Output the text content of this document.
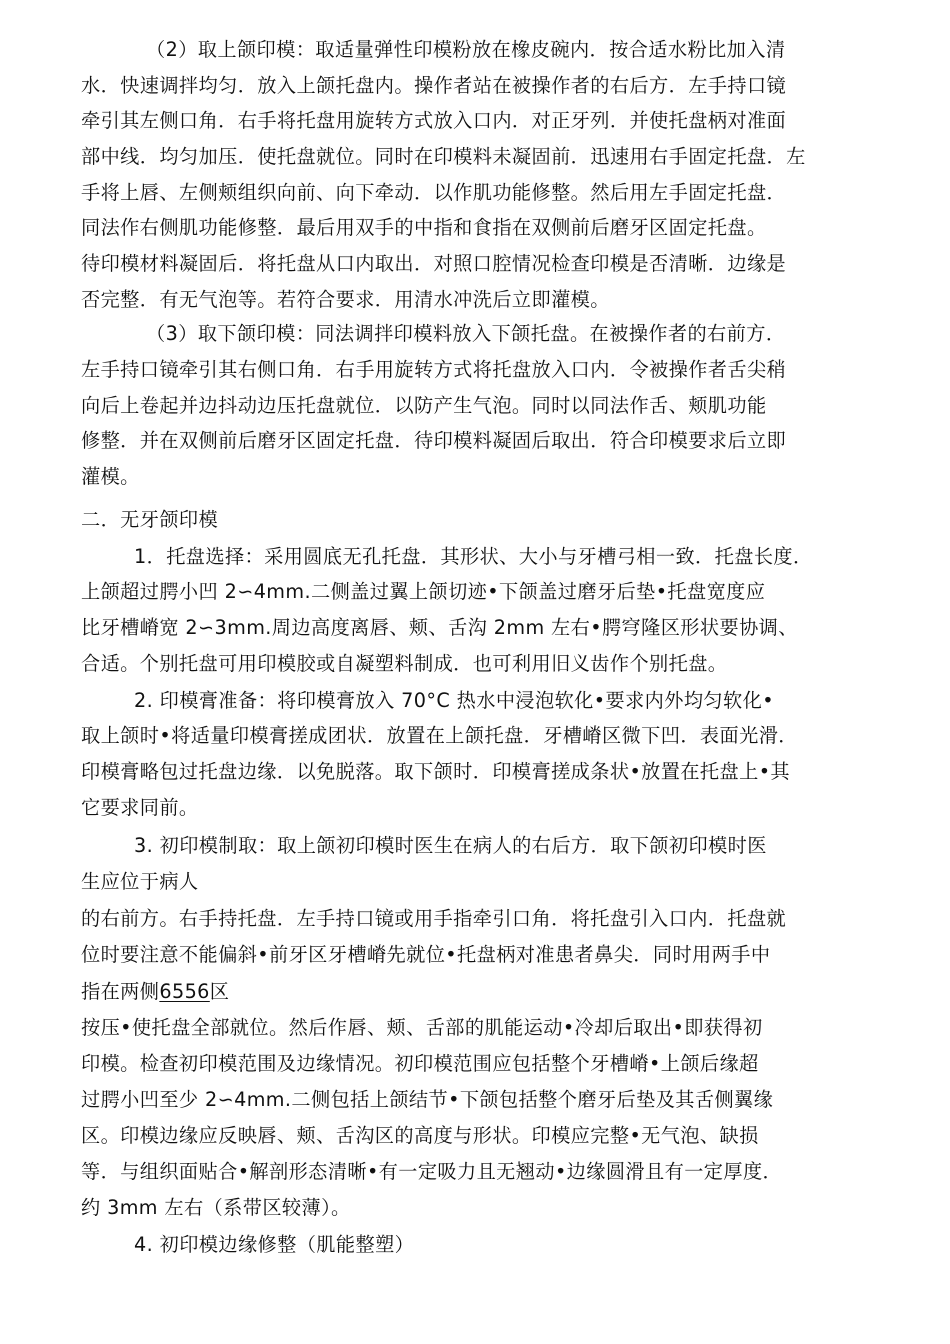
（2）取上颌印模：取适量弹性印模粉放在橡皮碗内．按合适水粉比加入清
水．快速调拌均匀．放入上颌托盘内。操作者站在被操作者的右后方．左手持口镜
牵引其左侧口角．右手将托盘用旋转方式放入口内．对正牙列．并使托盘柄对准面
部中线．均匀加压．使托盘就位。同时在印模料未凝固前．迅速用右手固定托盘．左
手将上唇、左侧颊组织向前、向下牵动．以作肌功能修整。然后用左手固定托盘．
同法作右侧肌功能修整．最后用双手的中指和食指在双侧前后磨牙区固定托盘。
待印模材料凝固后．将托盘从口内取出．对照口腔情况检查印模是否清晰．边缘是
否完整．有无气泡等。若符合要求．用清水冲洗后立即灌模。
（3）取下颌印模：同法调拌印模料放入下颌托盘。在被操作者的右前方．
左手持口镜牵引其右侧口角．右手用旋转方式将托盘放入口内．令被操作者舌尖稍
向后上卷起并边抖动边压托盘就位．以防产生气泡。同时以同法作舌、颊肌功能
修整．并在双侧前后磨牙区固定托盘．待印模料凝固后取出．符合印模要求后立即
灌模。
二．无牙颌印模
1．托盘选择：采用圆底无孔托盘．其形状、大小与牙槽弓相一致．托盘长度．
上颌超过腭小凹 2∽4mm.二侧盖过翼上颌切迹•下颌盖过磨牙后垫•托盘宽度应
比牙槽嵴宽 2∽3mm.周边高度离唇、颊、舌沟 2mm 左右•腭穹隆区形状要协调、
合适。个别托盘可用印模胶或自凝塑料制成．也可利用旧义齿作个别托盘。
2. 印模膏准备：将印模膏放入 70°C 热水中浸泡软化•要求内外均匀软化•
取上颌时•将适量印模膏搓成团状．放置在上颌托盘．牙槽嵴区微下凹．表面光滑．
印模膏略包过托盘边缘．以免脱落。取下颌时．印模膏搓成条状•放置在托盘上•其
它要求同前。
3. 初印模制取：取上颌初印模时医生在病人的右后方．取下颌初印模时医
生应位于病人
的右前方。右手持托盘．左手持口镜或用手指牵引口角．将托盘引入口内．托盘就
位时要注意不能偏斜•前牙区牙槽嵴先就位•托盘柄对准患者鼻尖．同时用两手中
指在两侧6556区
按压•使托盘全部就位。然后作唇、颊、舌部的肌能运动•冷却后取出•即获得初
印模。检查初印模范围及边缘情况。初印模范围应包括整个牙槽嵴•上颌后缘超
过腭小凹至少 2∽4mm.二侧包括上颌结节•下颌包括整个磨牙后垫及其舌侧翼缘
区。印模边缘应反映唇、颊、舌沟区的高度与形状。印模应完整•无气泡、缺损
等．与组织面贴合•解剖形态清晰•有一定吸力且无翘动•边缘圆滑且有一定厚度．
约 3mm 左右（系带区较薄）。
4. 初印模边缘修整（肌能整塑）
